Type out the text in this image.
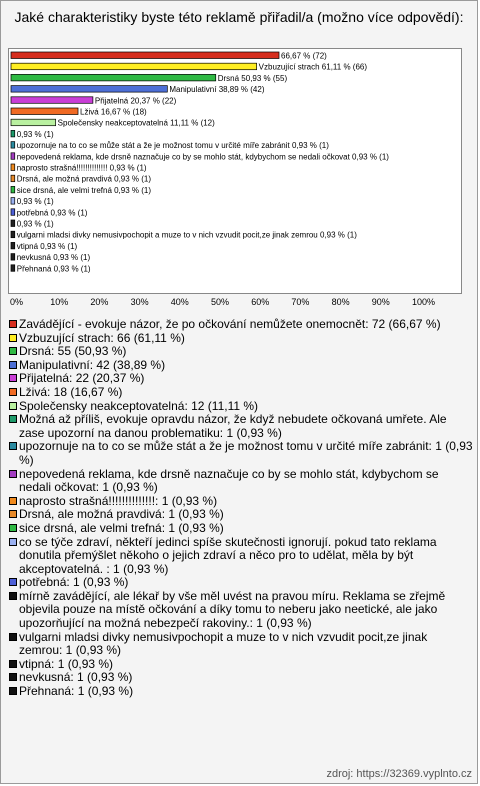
Jaké charakteristiky byste této reklamě přiřadil/a (možno více odpovědí):
66,67 % (72)
Vzbuzující strach 61,11 % (66)
Drsná 50,93 % (55)
Manipulativní 38,89 % (42)
Přijatelná 20,37 % (22)
Lživá 16,67 % (18)
Společensky neakceptovatelná 11,11 % (12)
0,93 % (1)
upozornuje na to co se může stát a že je možnost tomu v určité míře zabránit 0,93 % (1)
nepovedená reklama, kde drsně naznačuje co by se mohlo stát, kdybychom se nedali očkovat 0,93 % (1)
naprosto strašná!!!!!!!!!!!!!! 0,93 % (1)
Drsná, ale možná pravdivá 0,93 % (1)
sice drsná, ale velmi trefná 0,93 % (1)
0,93 % (1)
potřebná 0,93 % (1)
0,93 % (1)
vulgarni mladsi divky nemusivpochopit a muze to v nich vzvudit pocit,ze jinak zemrou 0,93 % (1)
vtipná 0,93 % (1)
nevkusná 0,93 % (1)
Přehnaná 0,93 % (1)
0%	10% 20% 30% 40% 50% 60% 70% 80% 90% 100%
Zavádějící - evokuje názor, že po očkování nemůžete onemocnět: 72 (66,67 %)
Vzbuzující strach: 66 (61,11 %)
Drsná: 55 (50,93 %)
Manipulativní: 42 (38,89 %)
Přijatelná: 22 (20,37 %)
Lživá: 18 (16,67 %)
Společensky neakceptovatelná: 12 (11,11 %)
Možná až příliš, evokuje opravdu názor, že když nebudete očkovaná umřete. Ale zase upozorní na danou problematiku: 1 (0,93 %)
upozornuje na to co se může stát a že je možnost tomu v určité míře zabránit: 1 (0,93 %)
nepovedená reklama, kde drsně naznačuje co by se mohlo stát, kdybychom se nedali očkovat: 1 (0,93 %)
naprosto strašná!!!!!!!!!!!!!!: 1 (0,93 %)
Drsná, ale možná pravdivá: 1 (0,93 %)
sice drsná, ale velmi trefná: 1 (0,93 %)
co se týče zdraví, někteří jedinci spíše skutečnosti ignorují. pokud tato reklama donutila přemýšlet někoho o jejich zdraví a něco pro to udělat, měla by být akceptovatelná. : 1 (0,93 %)
potřebná: 1 (0,93 %)
mírně zavádějící, ale lékař by vše měl uvést na pravou míru. Reklama se zřejmě objevila pouze na místě očkování a díky tomu to neberu jako neetické, ale jako upozorňující na možná nebezpečí rakoviny.: 1 (0,93 %)
vulgarni mladsi divky nemusivpochopit a muze to v nich vzvudit pocit,ze jinak zemrou: 1 (0,93 %)
vtipná: 1 (0,93 %)
nevkusná: 1 (0,93 %)
Přehnaná: 1 (0,93 %)
zdroj: https://32369.vyplnto.cz
